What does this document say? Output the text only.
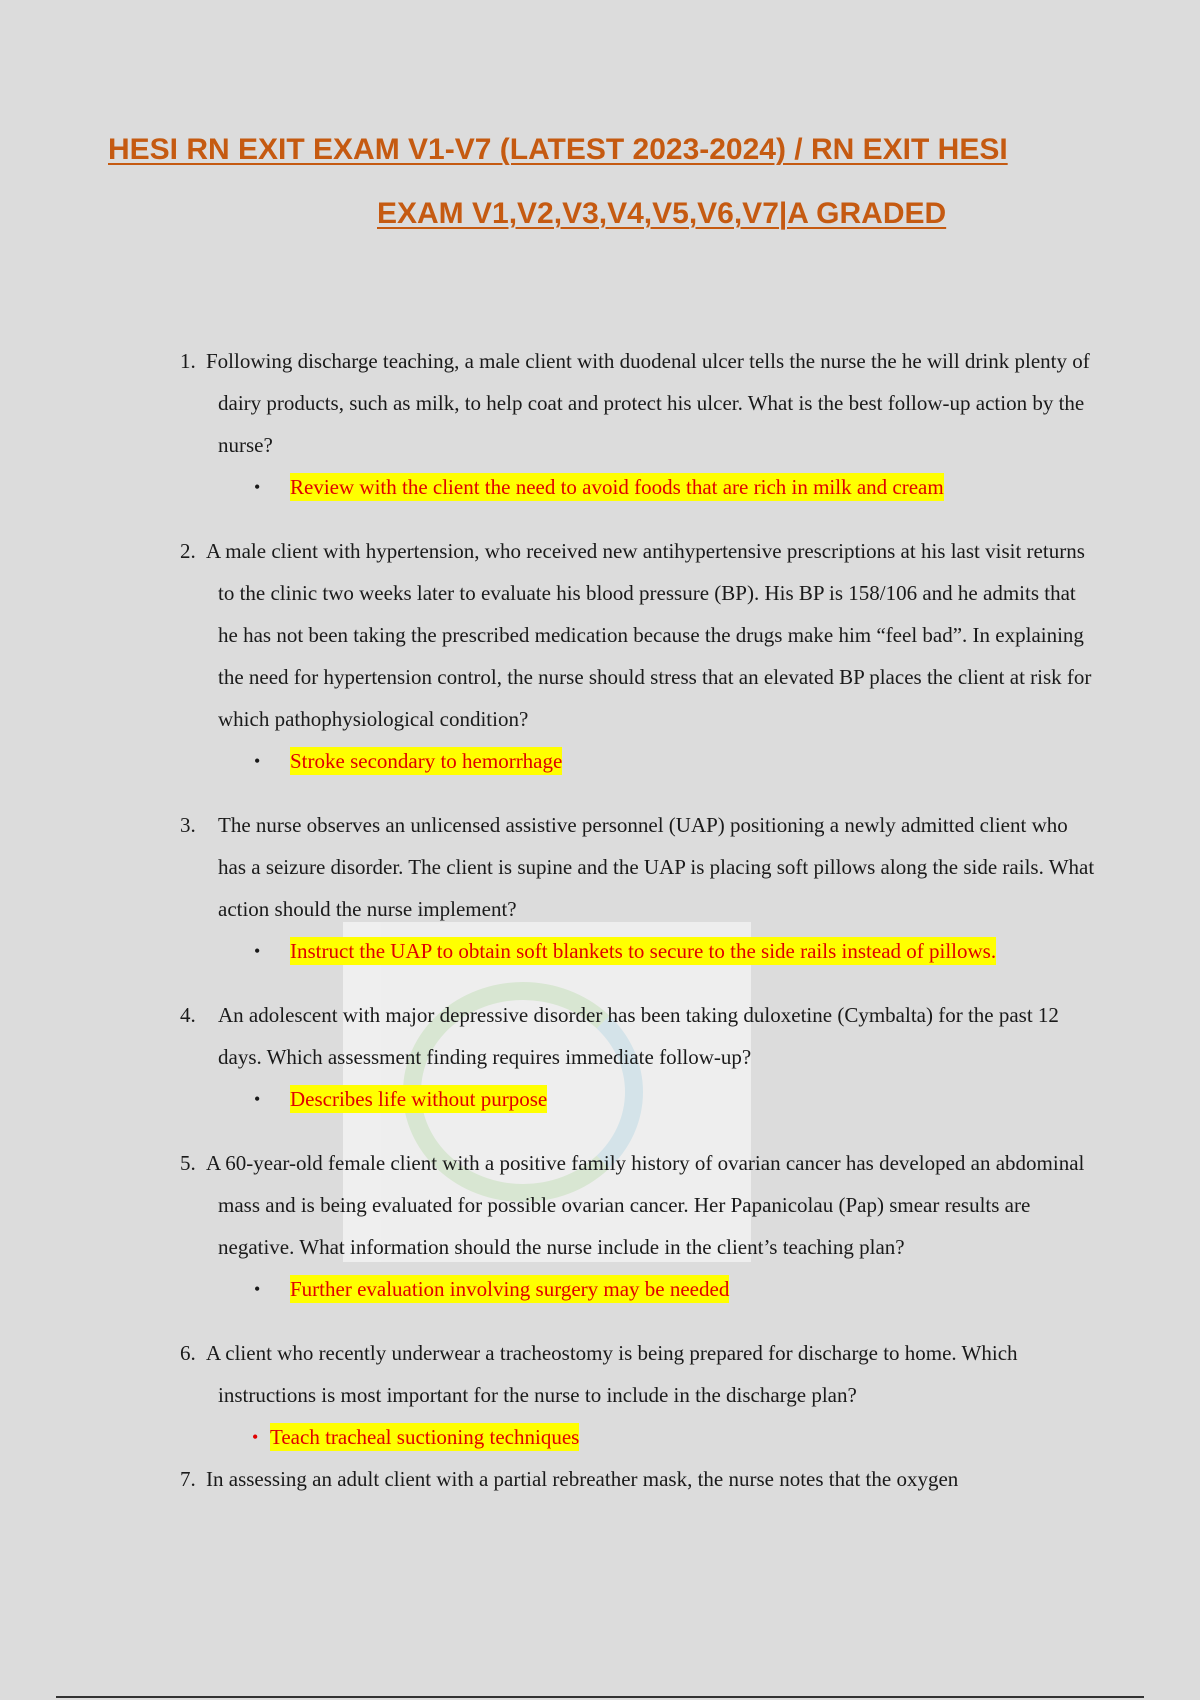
HESI RN EXIT EXAM V1-V7 (LATEST 2023-2024) / RN EXIT HESI
EXAM V1,V2,V3,V4,V5,V6,V7|A GRADED
1. Following discharge teaching, a male client with duodenal ulcer tells the nurse the he will drink plenty of dairy products, such as milk, to help coat and protect his ulcer. What is the best follow-up action by the nurse?
• Review with the client the need to avoid foods that are rich in milk and cream
2. A male client with hypertension, who received new antihypertensive prescriptions at his last visit returns to the clinic two weeks later to evaluate his blood pressure (BP). His BP is 158/106 and he admits that he has not been taking the prescribed medication because the drugs make him “feel bad”. In explaining the need for hypertension control, the nurse should stress that an elevated BP places the client at risk for which pathophysiological condition?
• Stroke secondary to hemorrhage
3. The nurse observes an unlicensed assistive personnel (UAP) positioning a newly admitted client who has a seizure disorder. The client is supine and the UAP is placing soft pillows along the side rails. What action should the nurse implement?
• Instruct the UAP to obtain soft blankets to secure to the side rails instead of pillows.
4. An adolescent with major depressive disorder has been taking duloxetine (Cymbalta) for the past 12 days. Which assessment finding requires immediate follow-up?
• Describes life without purpose
5. A 60-year-old female client with a positive family history of ovarian cancer has developed an abdominal mass and is being evaluated for possible ovarian cancer. Her Papanicolau (Pap) smear results are negative. What information should the nurse include in the client’s teaching plan?
• Further evaluation involving surgery may be needed
6. A client who recently underwear a tracheostomy is being prepared for discharge to home. Which instructions is most important for the nurse to include in the discharge plan?
• Teach tracheal suctioning techniques
7. In assessing an adult client with a partial rebreather mask, the nurse notes that the oxygen
